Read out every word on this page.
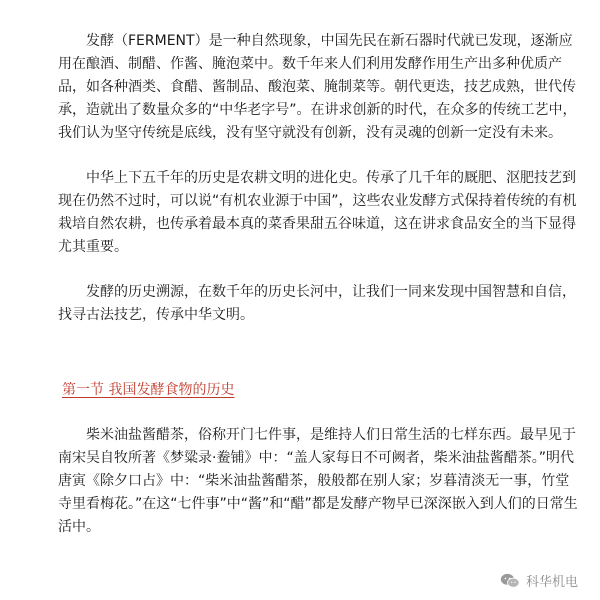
发酵（FERMENT）是一种自然现象，中国先民在新石器时代就已发现，逐渐应用在酿酒、制醋、作酱、腌泡菜中。数千年来人们利用发酵作用生产出多种优质产品，如各种酒类、食醋、酱制品、酸泡菜、腌制菜等。朝代更迭，技艺成熟，世代传承，造就出了数量众多的“中华老字号”。在讲求创新的时代，在众多的传统工艺中，我们认为坚守传统是底线，没有坚守就没有创新，没有灵魂的创新一定没有未来。

中华上下五千年的历史是农耕文明的进化史。传承了几千年的厩肥、沤肥技艺到现在仍然不过时，可以说“有机农业源于中国”，这些农业发酵方式保持着传统的有机栽培自然农耕，也传承着最本真的菜香果甜五谷味道，这在讲求食品安全的当下显得尤其重要。

发酵的历史溯源，在数千年的历史长河中，让我们一同来发现中国智慧和自信，找寻古法技艺，传承中华文明。

第一节 我国发酵食物的历史

柴米油盐酱醋茶，俗称开门七件事，是维持人们日常生活的七样东西。最早见于南宋吴自牧所著《梦粱录·鲞铺》中：“盖人家每日不可阙者，柴米油盐酱醋茶。”明代唐寅《除夕口占》中：“柴米油盐酱醋茶，般般都在别人家；岁暮清淡无一事，竹堂寺里看梅花。”在这“七件事”中“酱”和“醋”都是发酵产物早已深深嵌入到人们的日常生活中。

科华机电
